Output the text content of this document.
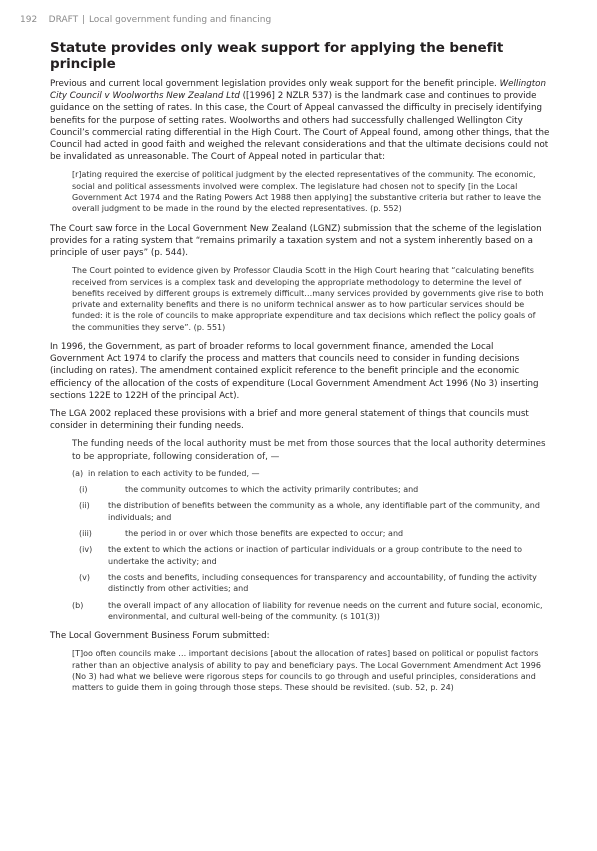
192 DRAFT | Local government funding and financing
Statute provides only weak support for applying the benefit principle

Previous and current local government legislation provides only weak support for the benefit principle. Wellington City Council v Woolworths New Zealand Ltd ([1996] 2 NZLR 537) is the landmark case and continues to provide guidance on the setting of rates. In this case, the Court of Appeal canvassed the difficulty in precisely identifying benefits for the purpose of setting rates. Woolworths and others had successfully challenged Wellington City Council’s commercial rating differential in the High Court. The Court of Appeal found, among other things, that the Council had acted in good faith and weighed the relevant considerations and that the ultimate decisions could not be invalidated as unreasonable. The Court of Appeal noted in particular that:

[r]ating required the exercise of political judgment by the elected representatives of the community. The economic, social and political assessments involved were complex. The legislature had chosen not to specify [in the Local Government Act 1974 and the Rating Powers Act 1988 then applying] the substantive criteria but rather to leave the overall judgment to be made in the round by the elected representatives. (p. 552)

The Court saw force in the Local Government New Zealand (LGNZ) submission that the scheme of the legislation provides for a rating system that “remains primarily a taxation system and not a system inherently based on a principle of user pays” (p. 544).

The Court pointed to evidence given by Professor Claudia Scott in the High Court hearing that “calculating benefits received from services is a complex task and developing the appropriate methodology to determine the level of benefits received by different groups is extremely difficult…many services provided by governments give rise to both private and externality benefits and there is no uniform technical answer as to how particular services should be funded: it is the role of councils to make appropriate expenditure and tax decisions which reflect the policy goals of the communities they serve”. (p. 551)

In 1996, the Government, as part of broader reforms to local government finance, amended the Local Government Act 1974 to clarify the process and matters that councils need to consider in funding decisions (including on rates). The amendment contained explicit reference to the benefit principle and the economic efficiency of the allocation of the costs of expenditure (Local Government Amendment Act 1996 (No 3) inserting sections 122E to 122H of the principal Act).

The LGA 2002 replaced these provisions with a brief and more general statement of things that councils must consider in determining their funding needs.

The funding needs of the local authority must be met from those sources that the local authority determines to be appropriate, following consideration of, —

(a) in relation to each activity to be funded, —
(i)	the community outcomes to which the activity primarily contributes; and
(ii)	the distribution of benefits between the community as a whole, any identifiable part of the community, and individuals; and
(iii)	the period in or over which those benefits are expected to occur; and
(iv)	the extent to which the actions or inaction of particular individuals or a group contribute to the need to undertake the activity; and
(v)	the costs and benefits, including consequences for transparency and accountability, of funding the activity distinctly from other activities; and
(b)	the overall impact of any allocation of liability for revenue needs on the current and future social, economic, environmental, and cultural well-being of the community. (s 101(3))

The Local Government Business Forum submitted:

[T]oo often councils make … important decisions [about the allocation of rates] based on political or populist factors rather than an objective analysis of ability to pay and beneficiary pays. The Local Government Amendment Act 1996 (No 3) had what we believe were rigorous steps for councils to go through and useful principles, considerations and matters to guide them in going through those steps. These should be revisited. (sub. 52, p. 24)
